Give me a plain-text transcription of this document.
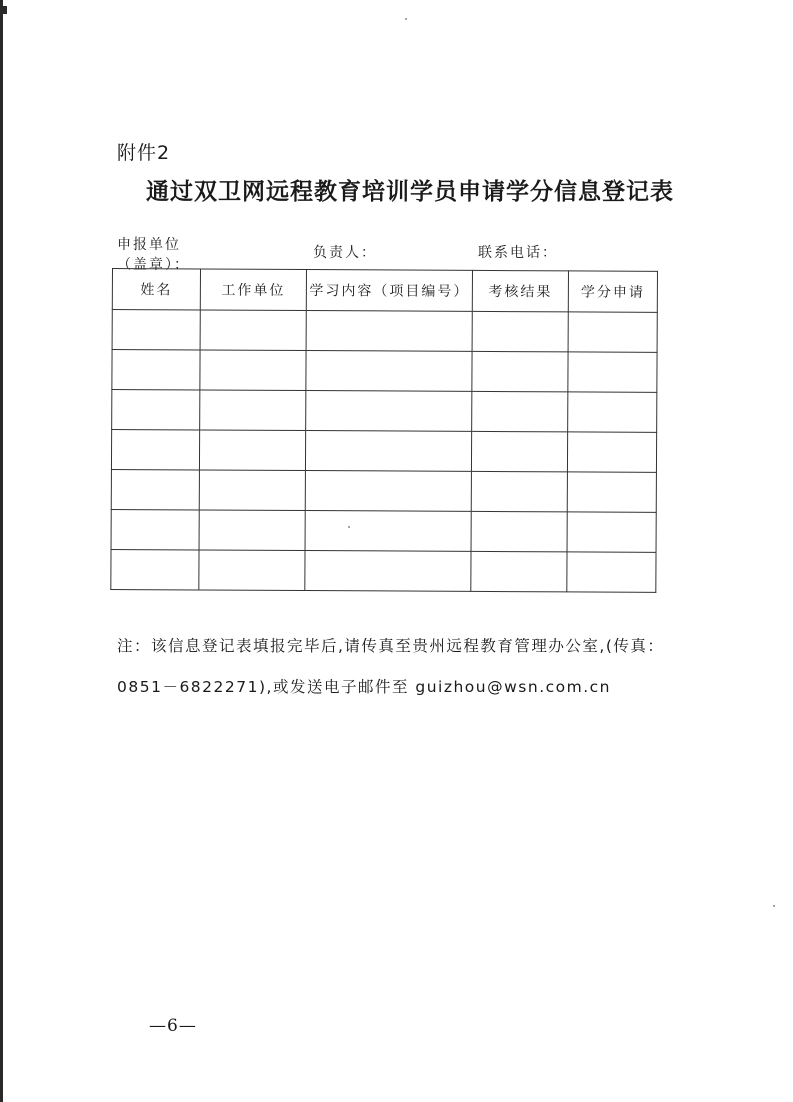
附件2
通过双卫网远程教育培训学员申请学分信息登记表
申报单位
（盖章）：
负责人：	联系电话：
姓名	工作单位	学习内容（项目编号）	考核结果	学分申请

注：该信息登记表填报完毕后,请传真至贵州远程教育管理办公室,(传真：
0851－6822271),或发送电子邮件至 guizhou@wsn.com.cn
—6—
